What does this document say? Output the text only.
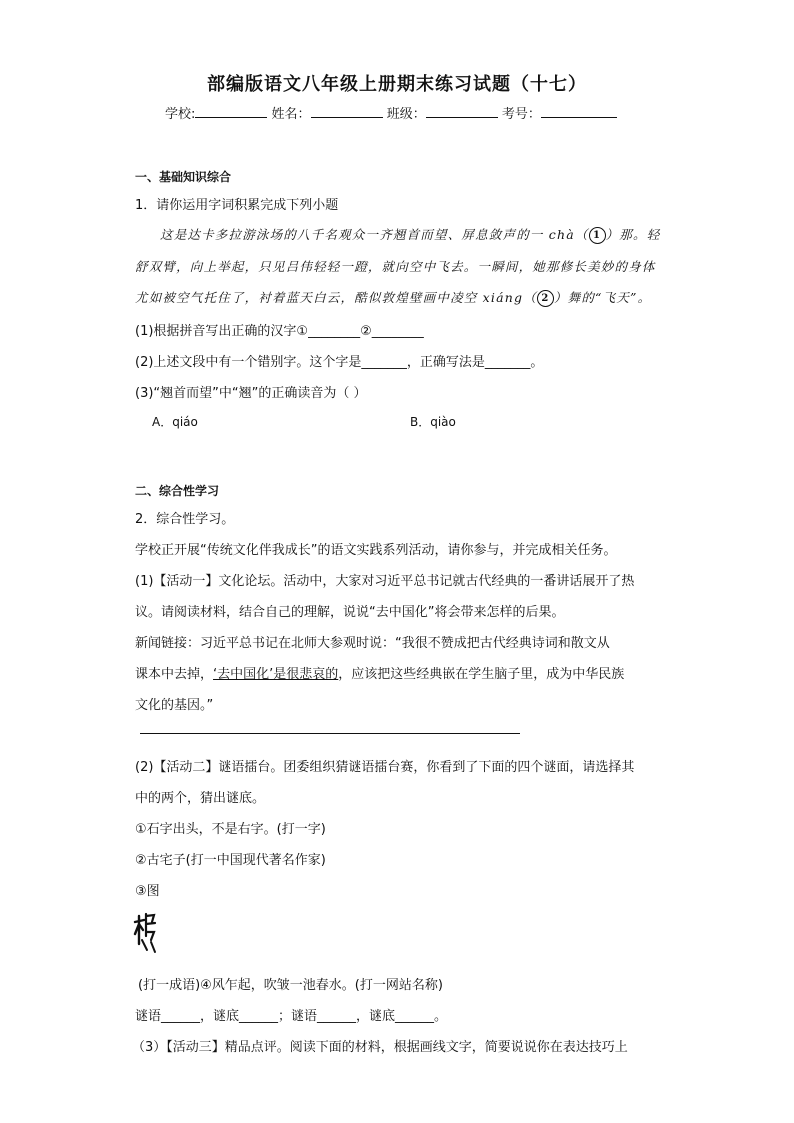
部编版语文八年级上册期末练习试题（十七）
学校:	姓名：	班级：	考号：
一、基础知识综合
1．请你运用字词积累完成下列小题
这是达卡多拉游泳场的八千名观众一齐翘首而望、屏息敛声的一 chà（ 1 ）那。轻
舒双臂，向上举起，只见吕伟轻轻一蹬，就向空中飞去。一瞬间，她那修长美妙的身体
尤如被空气托住了，衬着蓝天白云，酷似敦煌壁画中凌空 xiáng（ 2 ）舞的“飞天”。
(1)根据拼音写出正确的汉字①________②________
(2)上述文段中有一个错别字。这个字是_______，正确写法是_______。
(3)“翘首而望”中“翘”的正确读音为（ ）
A．qiáo	B．qiào
二、综合性学习
2．综合性学习。
学校正开展“传统文化伴我成长”的语文实践系列活动，请你参与，并完成相关任务。
(1)【活动一】文化论坛。活动中，大家对习近平总书记就古代经典的一番讲话展开了热
议。请阅读材料，结合自己的理解，说说“去中国化”将会带来怎样的后果。
新闻链接：习近平总书记在北师大参观时说：“我很不赞成把古代经典诗词和散文从
课本中去掉，‘去中国化’是很悲哀的，应该把这些经典嵌在学生脑子里，成为中华民族
文化的基因。”
(2)【活动二】谜语擂台。团委组织猜谜语擂台赛，你看到了下面的四个谜面，请选择其
中的两个，猜出谜底。
①石字出头，不是右字。(打一字)
②古宅子(打一中国现代著名作家)
③图
(打一成语)④风乍起，吹皱一池春水。(打一网站名称)
谜语______，谜底______；谜语______，谜底______。
（3）【活动三】精品点评。阅读下面的材料，根据画线文字，简要说说你在表达技巧上
